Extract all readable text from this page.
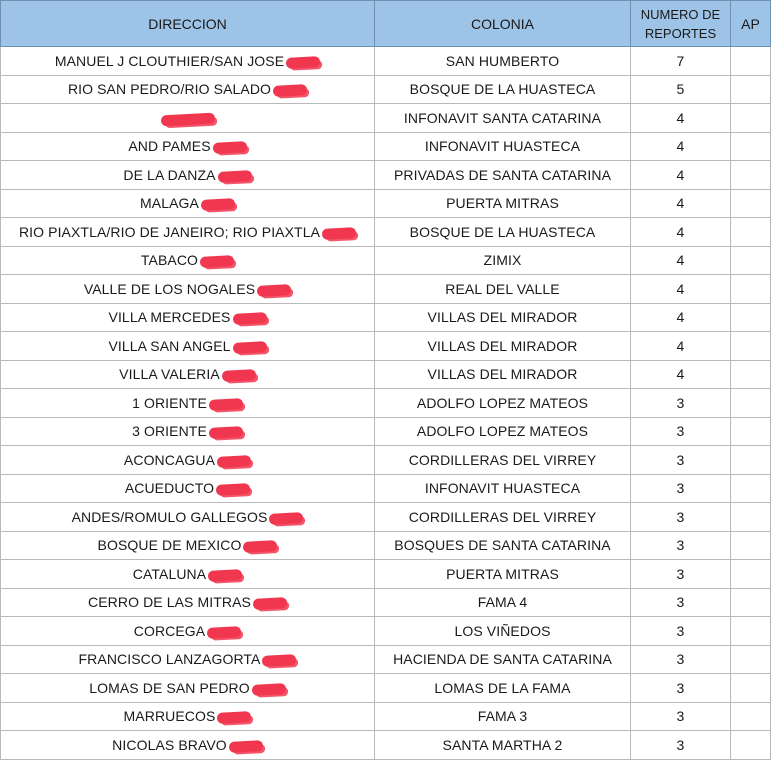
DIRECCION	COLONIA	NUMERO DE
REPORTES	AP
MANUEL J CLOUTHIER/SAN JOSE	SAN HUMBERTO	7	
RIO SAN PEDRO/RIO SALADO	BOSQUE DE LA HUASTECA	5	
	INFONAVIT SANTA CATARINA	4	
AND PAMES	INFONAVIT HUASTECA	4	
DE LA DANZA	PRIVADAS DE SANTA CATARINA	4	
MALAGA	PUERTA MITRAS	4	
RIO PIAXTLA/RIO DE JANEIRO; RIO PIAXTLA	BOSQUE DE LA HUASTECA	4	
TABACO	ZIMIX	4	
VALLE DE LOS NOGALES	REAL DEL VALLE	4	
VILLA MERCEDES	VILLAS DEL MIRADOR	4	
VILLA SAN ANGEL	VILLAS DEL MIRADOR	4	
VILLA VALERIA	VILLAS DEL MIRADOR	4	
1 ORIENTE	ADOLFO LOPEZ MATEOS	3	
3 ORIENTE	ADOLFO LOPEZ MATEOS	3	
ACONCAGUA	CORDILLERAS DEL VIRREY	3	
ACUEDUCTO	INFONAVIT HUASTECA	3	
ANDES/ROMULO GALLEGOS	CORDILLERAS DEL VIRREY	3	
BOSQUE DE MEXICO	BOSQUES DE SANTA CATARINA	3	
CATALUNA	PUERTA MITRAS	3	
CERRO DE LAS MITRAS	FAMA 4	3	
CORCEGA	LOS VIÑEDOS	3	
FRANCISCO LANZAGORTA	HACIENDA DE SANTA CATARINA	3	
LOMAS DE SAN PEDRO	LOMAS DE LA FAMA	3	
MARRUECOS	FAMA 3	3	
NICOLAS BRAVO	SANTA MARTHA 2	3	
